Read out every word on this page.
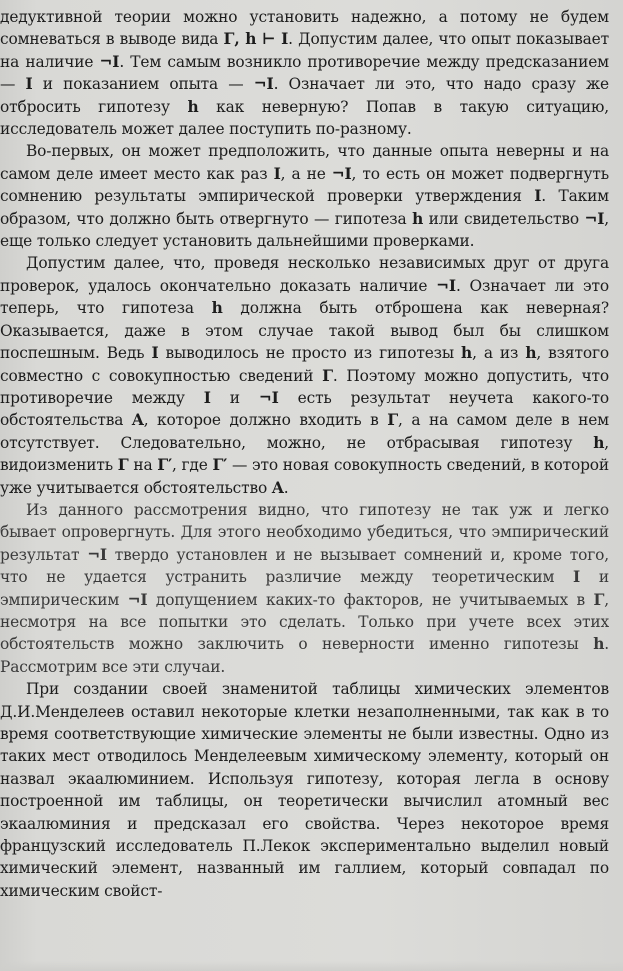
дедуктивной теории можно установить надежно, а потому не будем сомневаться в выводе вида Γ, h ⊢ I. Допустим далее, что опыт показывает на наличие ¬I. Тем самым возникло противоречие между предсказанием — I и показанием опыта — ¬I. Означает ли это, что надо сразу же отбросить гипотезу h как неверную? Попав в такую ситуацию, исследователь может далее поступить по-разному.

Во-первых, он может предположить, что данные опыта неверны и на самом деле имеет место как раз I, а не ¬I, то есть он может подвергнуть сомнению результаты эмпирической проверки утверждения I. Таким образом, что должно быть отвергнуто — гипотеза h или свидетельство ¬I, еще только следует установить дальнейшими проверками.

Допустим далее, что, проведя несколько независимых друг от друга проверок, удалось окончательно доказать наличие ¬I. Означает ли это теперь, что гипотеза h должна быть отброшена как неверная? Оказывается, даже в этом случае такой вывод был бы слишком поспешным. Ведь I выводилось не просто из гипотезы h, а из h, взятого совместно с совокупностью сведений Γ. Поэтому можно допустить, что противоречие между I и ¬I есть результат неучета какого-то обстоятельства A, которое должно входить в Γ, а на самом деле в нем отсутствует. Следовательно, можно, не отбрасывая гипотезу h, видоизменить Γ на Γ′, где Γ′ — это новая совокупность сведений, в которой уже учитывается обстоятельство A.

Из данного рассмотрения видно, что гипотезу не так уж и легко бывает опровергнуть. Для этого необходимо убедиться, что эмпирический результат ¬I твердо установлен и не вызывает сомнений и, кроме того, что не удается устранить различие между теоретическим I и эмпирическим ¬I допущением каких-то факторов, не учитываемых в Γ, несмотря на все попытки это сделать. Только при учете всех этих обстоятельств можно заключить о неверности именно гипотезы h. Рассмотрим все эти случаи.

При создании своей знаменитой таблицы химических элементов Д.И.Менделеев оставил некоторые клетки незаполненными, так как в то время соответствующие химические элементы не были известны. Одно из таких мест отводилось Менделеевым химическому элементу, который он назвал экаалюминием. Используя гипотезу, которая легла в основу построенной им таблицы, он теоретически вычислил атомный вес экаалюминия и предсказал его свойства. Через некоторое время французский исследователь П.Лекок экспериментально выделил новый химический элемент, названный им галлием, который совпадал по химическим свойст-
